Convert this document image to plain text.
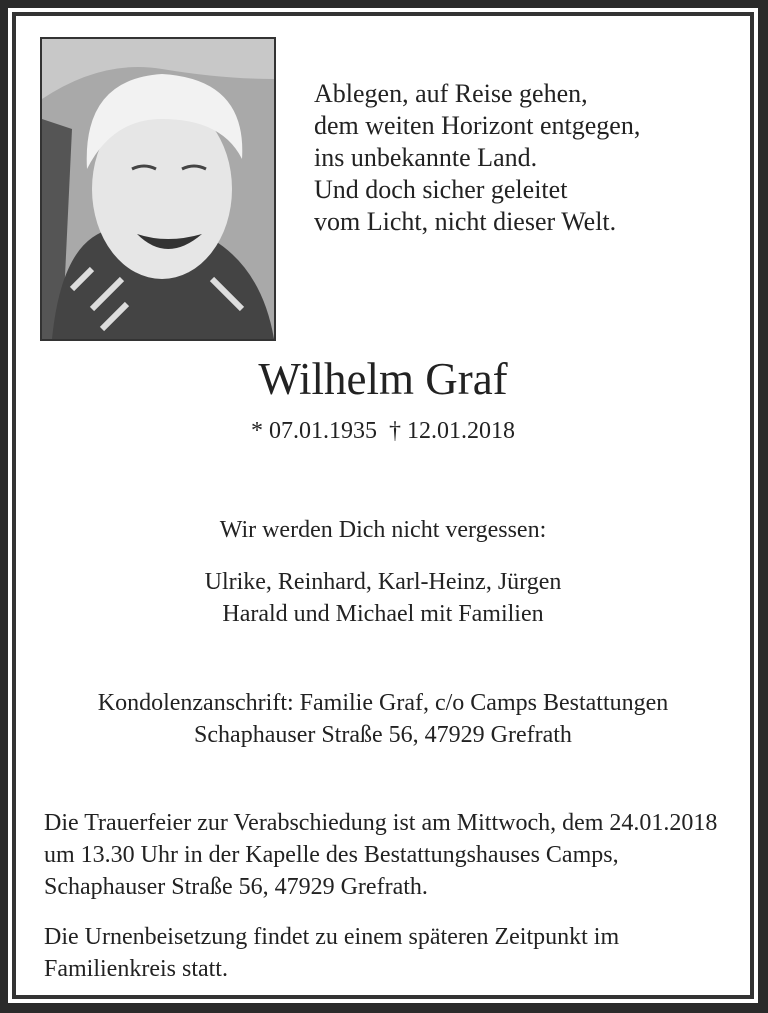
Ablegen, auf Reise gehen,
dem weiten Horizont entgegen,
ins unbekannte Land.
Und doch sicher geleitet
vom Licht, nicht dieser Welt.
Wilhelm Graf
* 07.01.1935  † 12.01.2018
Wir werden Dich nicht vergessen:
Ulrike, Reinhard, Karl-Heinz, Jürgen
Harald und Michael mit Familien
Kondolenzanschrift: Familie Graf, c/o Camps Bestattungen
Schaphauser Straße 56, 47929 Grefrath
Die Trauerfeier zur Verabschiedung ist am Mittwoch, dem 24.01.2018 um 13.30 Uhr in der Kapelle des Bestattungshauses Camps, Schaphauser Straße 56, 47929 Grefrath.
Die Urnenbeisetzung findet zu einem späteren Zeitpunkt im Familienkreis statt.
